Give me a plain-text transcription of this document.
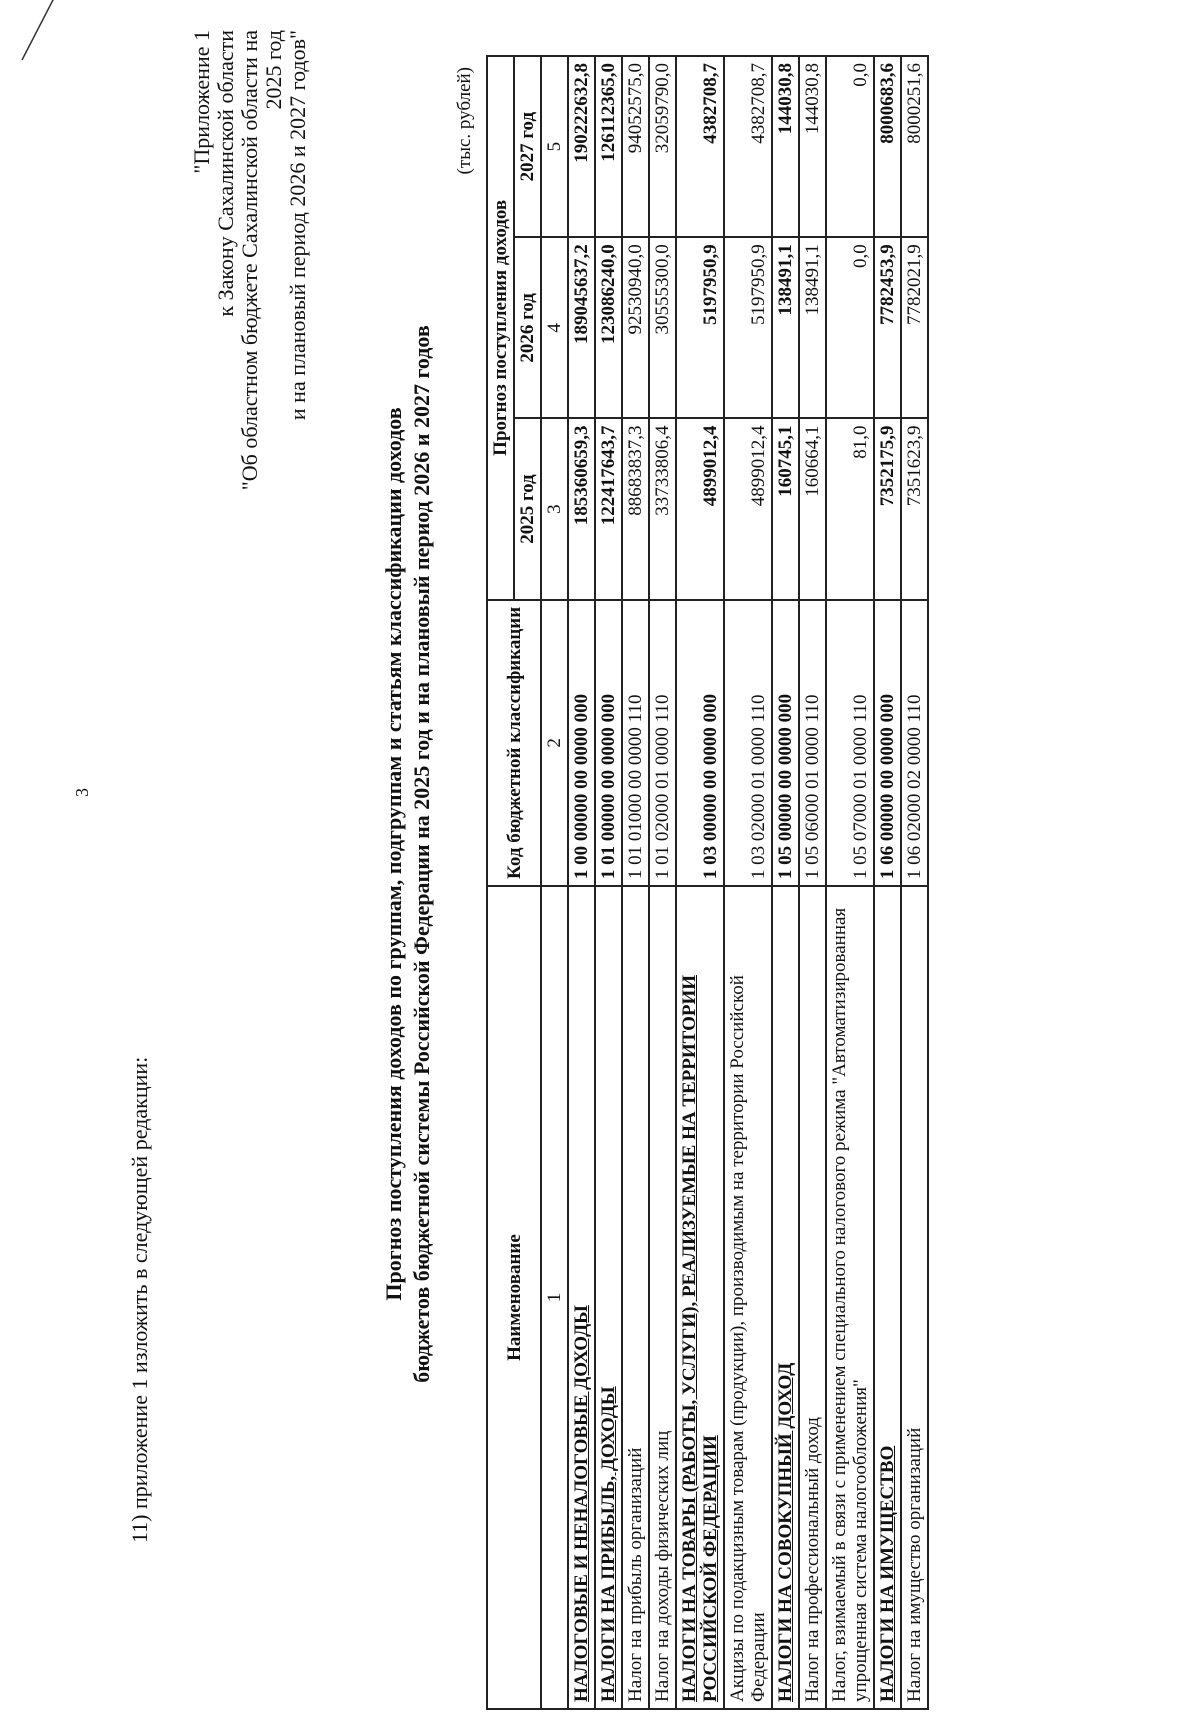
3
11) приложение 1 изложить в следующей редакции:
"Приложение 1 к Закону Сахалинской области "Об областном бюджете Сахалинской области на 2025 год и на плановый период 2026 и 2027 годов"
Прогноз поступления доходов по группам, подгруппам и статьям классификации доходов бюджетов бюджетной системы Российской Федерации на 2025 год и на плановый период 2026 и 2027 годов
(тыс. рублей)
Наименование	Код бюджетной классификации	Прогноз поступления доходов		
		2025 год	2026 год	2027 год
1	2	3	4	5
НАЛОГОВЫЕ И НЕНАЛОГОВЫЕ ДОХОДЫ	1 00 00000 00 0000 000	185360659,3	189045637,2	190222632,8
НАЛОГИ НА ПРИБЫЛЬ, ДОХОДЫ	1 01 00000 00 0000 000	122417643,7	123086240,0	126112365,0
Налог на прибыль организаций	1 01 01000 00 0000 110	88683837,3	92530940,0	94052575,0
Налог на доходы физических лиц	1 01 02000 01 0000 110	33733806,4	30555300,0	32059790,0
НАЛОГИ НА ТОВАРЫ (РАБОТЫ, УСЛУГИ), РЕАЛИЗУЕМЫЕ НА ТЕРРИТОРИИ РОССИЙСКОЙ ФЕДЕРАЦИИ	1 03 00000 00 0000 000	4899012,4	5197950,9	4382708,7
Акцизы по подакцизным товарам (продукции), производимым на территории Российской Федерации	1 03 02000 01 0000 110	4899012,4	5197950,9	4382708,7
НАЛОГИ НА СОВОКУПНЫЙ ДОХОД	1 05 00000 00 0000 000	160745,1	138491,1	144030,8
Налог на профессиональный доход	1 05 06000 01 0000 110	160664,1	138491,1	144030,8
Налог, взимаемый в связи с применением специального налогового режима "Автоматизированная упрощенная система налогообложения"	1 05 07000 01 0000 110	81,0	0,0	0,0
НАЛОГИ НА ИМУЩЕСТВО	1 06 00000 00 0000 000	7352175,9	7782453,9	8000683,6
Налог на имущество организаций	1 06 02000 02 0000 110	7351623,9	7782021,9	8000251,6
